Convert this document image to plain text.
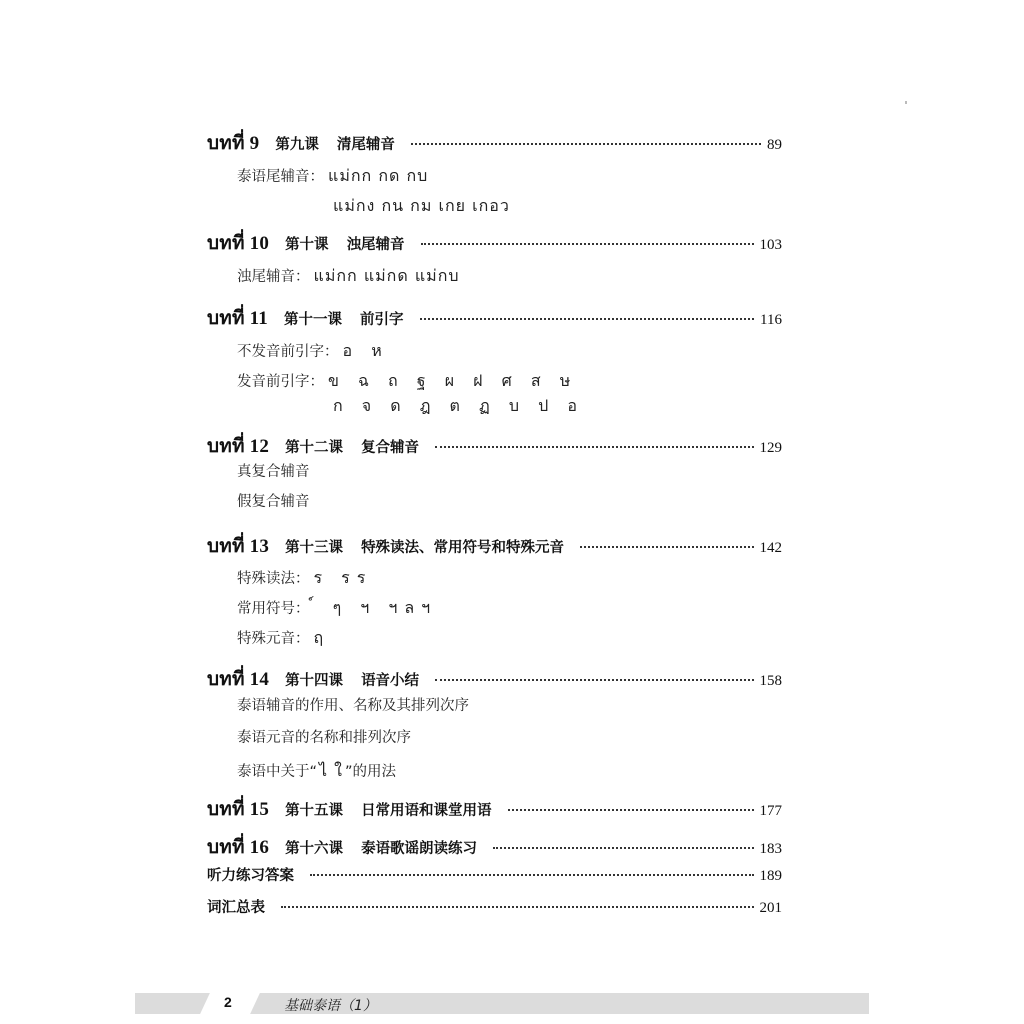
บทที่ 9 第九课 清尾辅音	89
泰语尾辅音： แม่กก กด กบ
แม่กง กน กม เกย เกอว
บทที่ 10 第十课 浊尾辅音	103
浊尾辅音： แม่กก แม่กด แม่กบ
บทที่ 11 第十一课 前引字	116
不发音前引字： อ ห
发音前引字： ข ฉ ถ ฐ ผ ฝ ศ ส ษ
ก จ ด ฎ ต ฏ บ ป อ
บทที่ 12 第十二课 复合辅音	129
真复合辅音
假复合辅音
บทที่ 13 第十三课 特殊读法、常用符号和特殊元音	142
特殊读法： ร รร
常用符号： ์ ๆ ฯ ฯลฯ
特殊元音： ฤ
บทที่ 14 第十四课 语音小结	158
泰语辅音的作用、名称及其排列次序
泰语元音的名称和排列次序
泰语中关于“ ไ ใ ”的用法
บทที่ 15 第十五课 日常用语和课堂用语	177
บทที่ 16 第十六课 泰语歌谣朗读练习	183
听力练习答案	189
词汇总表	201
2	基础泰语（1）
